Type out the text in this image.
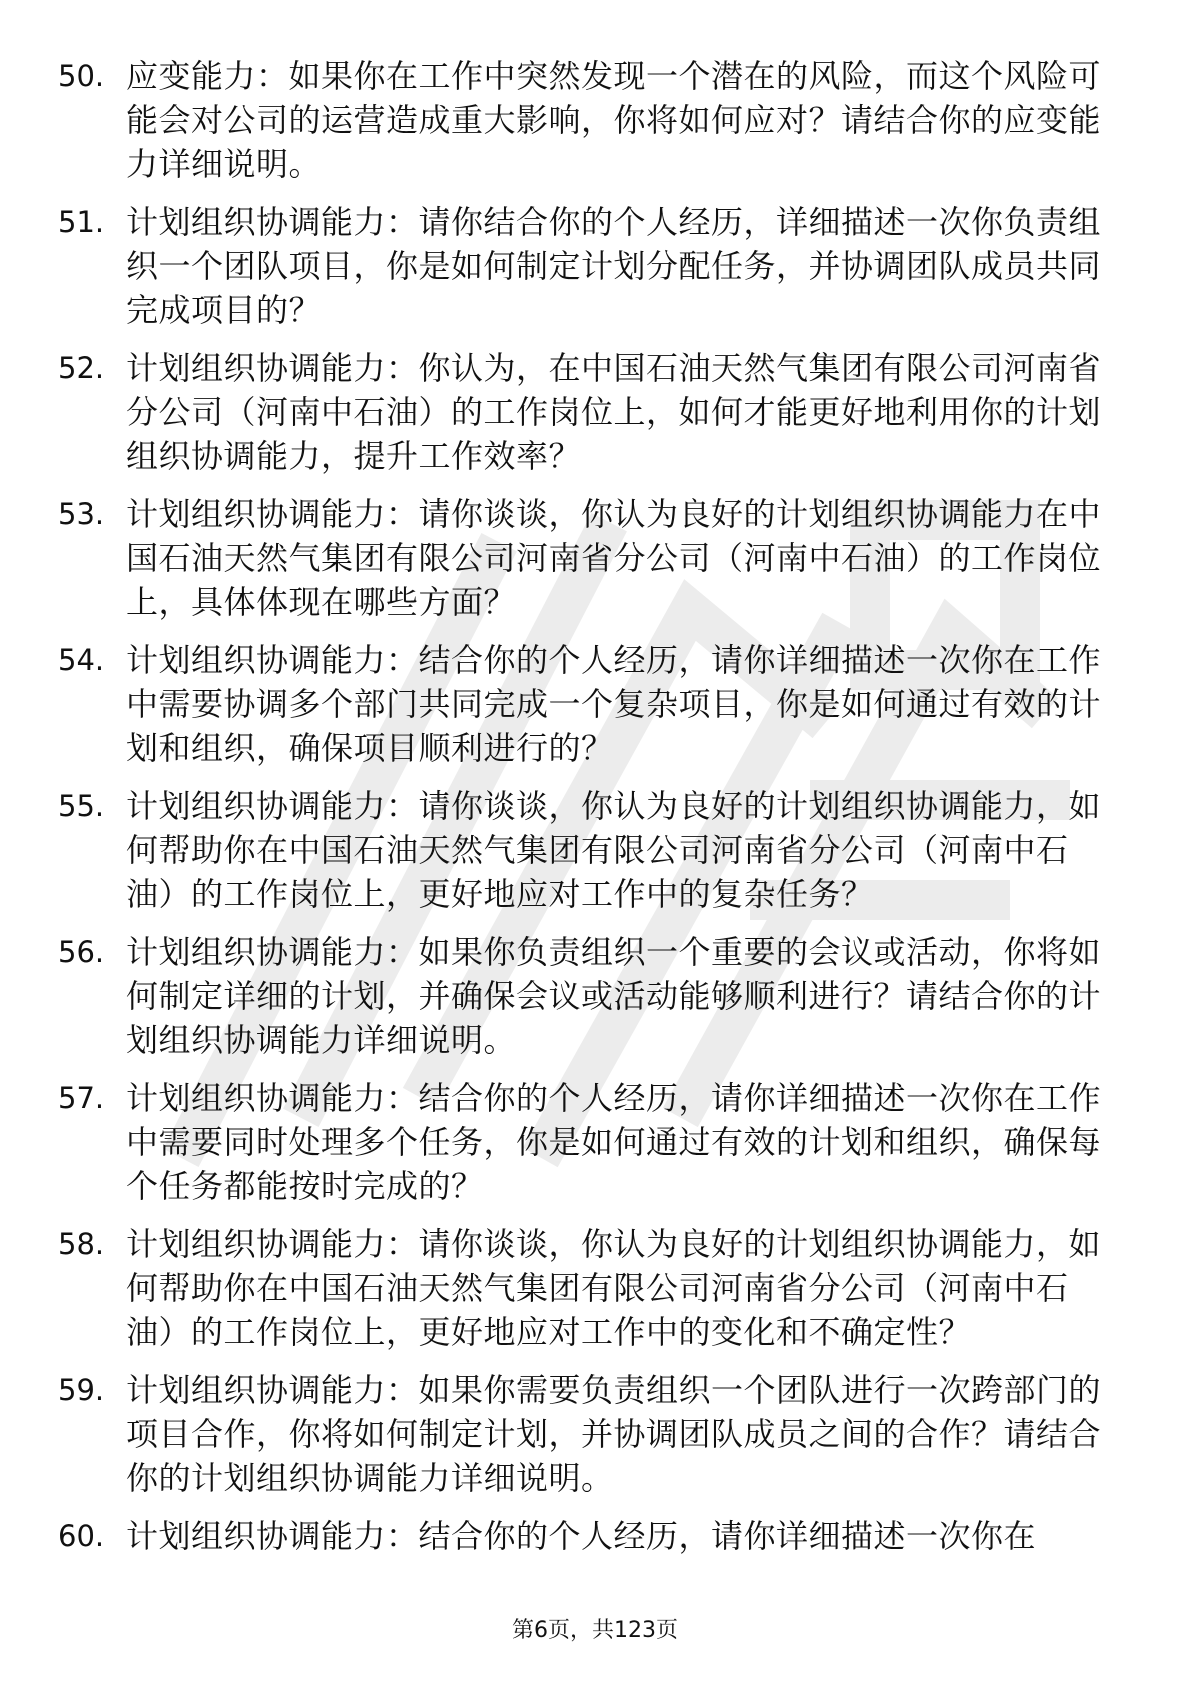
50. 应变能力：如果你在工作中突然发现一个潜在的风险，而这个风险可能会对公司的运营造成重大影响，你将如何应对？请结合你的应变能力详细说明。
51. 计划组织协调能力：请你结合你的个人经历，详细描述一次你负责组织一个团队项目，你是如何制定计划分配任务，并协调团队成员共同完成项目的？
52. 计划组织协调能力：你认为，在中国石油天然气集团有限公司河南省分公司（河南中石油）的工作岗位上，如何才能更好地利用你的计划组织协调能力，提升工作效率？
53. 计划组织协调能力：请你谈谈，你认为良好的计划组织协调能力在中国石油天然气集团有限公司河南省分公司（河南中石油）的工作岗位上，具体体现在哪些方面？
54. 计划组织协调能力：结合你的个人经历，请你详细描述一次你在工作中需要协调多个部门共同完成一个复杂项目，你是如何通过有效的计划和组织，确保项目顺利进行的？
55. 计划组织协调能力：请你谈谈，你认为良好的计划组织协调能力，如何帮助你在中国石油天然气集团有限公司河南省分公司（河南中石油）的工作岗位上，更好地应对工作中的复杂任务？
56. 计划组织协调能力：如果你负责组织一个重要的会议或活动，你将如何制定详细的计划，并确保会议或活动能够顺利进行？请结合你的计划组织协调能力详细说明。
57. 计划组织协调能力：结合你的个人经历，请你详细描述一次你在工作中需要同时处理多个任务，你是如何通过有效的计划和组织，确保每个任务都能按时完成的？
58. 计划组织协调能力：请你谈谈，你认为良好的计划组织协调能力，如何帮助你在中国石油天然气集团有限公司河南省分公司（河南中石油）的工作岗位上，更好地应对工作中的变化和不确定性？
59. 计划组织协调能力：如果你需要负责组织一个团队进行一次跨部门的项目合作，你将如何制定计划，并协调团队成员之间的合作？请结合你的计划组织协调能力详细说明。
60. 计划组织协调能力：结合你的个人经历，请你详细描述一次你在
第6页，共123页
